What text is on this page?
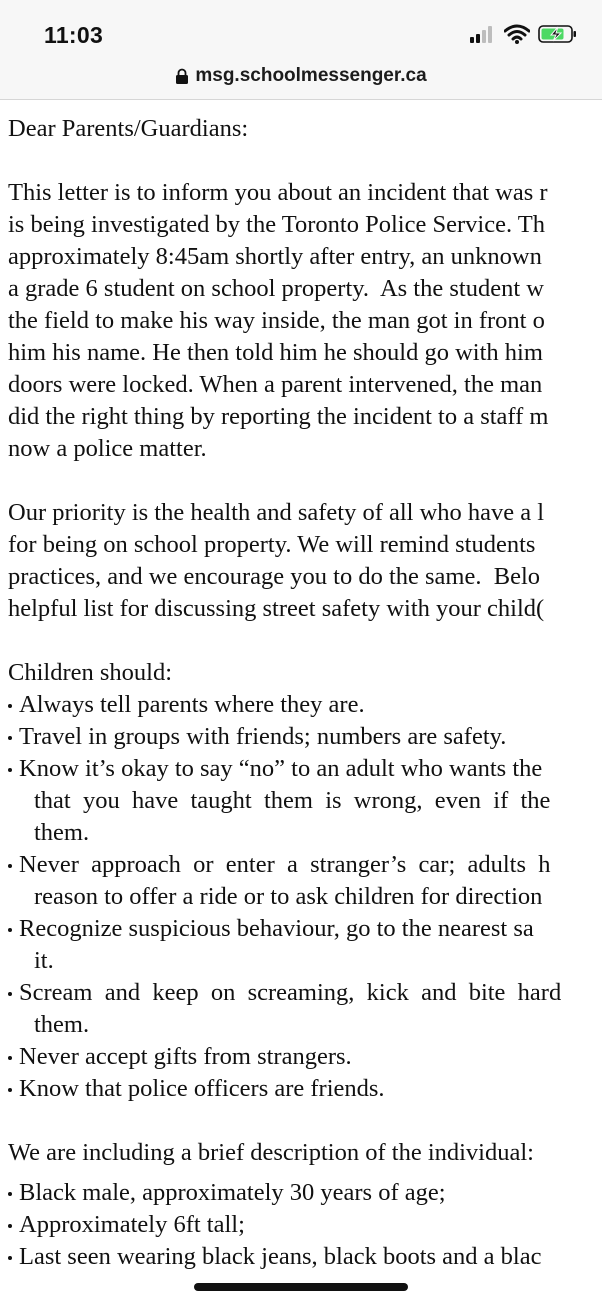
11:03
msg.schoolmessenger.ca
Dear Parents/Guardians:
This letter is to inform you about an incident that was r
is being investigated by the Toronto Police Service. Th
approximately 8:45am shortly after entry, an unknown
a grade 6 student on school property.  As the student w
the field to make his way inside, the man got in front o
him his name. He then told him he should go with him
doors were locked. When a parent intervened, the man
did the right thing by reporting the incident to a staff m
now a police matter.
Our priority is the health and safety of all who have a l
for being on school property. We will remind students
practices, and we encourage you to do the same.  Belo
helpful list for discussing street safety with your child(
Children should:
Always tell parents where they are.
Travel in groups with friends; numbers are safety.
Know it’s okay to say “no” to an adult who wants the
that  you  have  taught  them  is  wrong,  even  if  the
them.
Never  approach  or  enter  a  stranger’s  car;  adults  h
reason to offer a ride or to ask children for direction
Recognize suspicious behaviour, go to the nearest sa
it.
Scream  and  keep  on  screaming,  kick  and  bite  hard
them.
Never accept gifts from strangers.
Know that police officers are friends.
We are including a brief description of the individual:
Black male, approximately 30 years of age;
Approximately 6ft tall;
Last seen wearing black jeans, black boots and a blac
